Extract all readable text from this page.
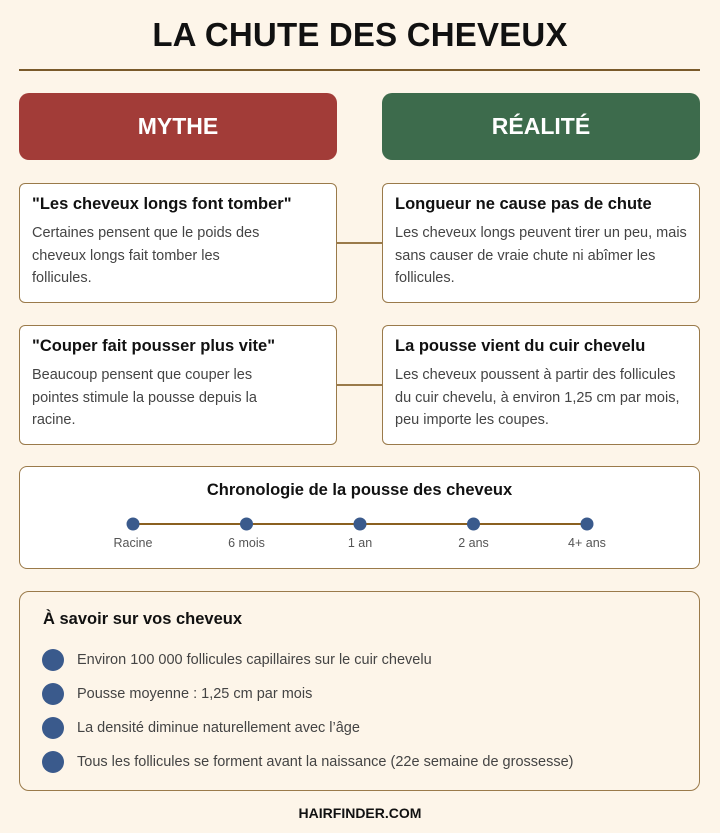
LA CHUTE DES CHEVEUX
MYTHE	RÉALITÉ
"Les cheveux longs font tomber"

Certaines pensent que le poids des cheveux longs fait tomber les follicules.

Longueur ne cause pas de chute

Les cheveux longs peuvent tirer un peu, mais sans causer de vraie chute ni abîmer les follicules.

"Couper fait pousser plus vite"

Beaucoup pensent que couper les pointes stimule la pousse depuis la racine.

La pousse vient du cuir chevelu

Les cheveux poussent à partir des follicules du cuir chevelu, à environ 1,25 cm par mois, peu importe les coupes.

Chronologie de la pousse des cheveux
Racine	6 mois	1 an	2 ans	4+ ans
À savoir sur vos cheveux
Environ 100 000 follicules capillaires sur le cuir chevelu
Pousse moyenne : 1,25 cm par mois
La densité diminue naturellement avec l’âge
Tous les follicules se forment avant la naissance (22e semaine de grossesse)
HAIRFINDER.COM
